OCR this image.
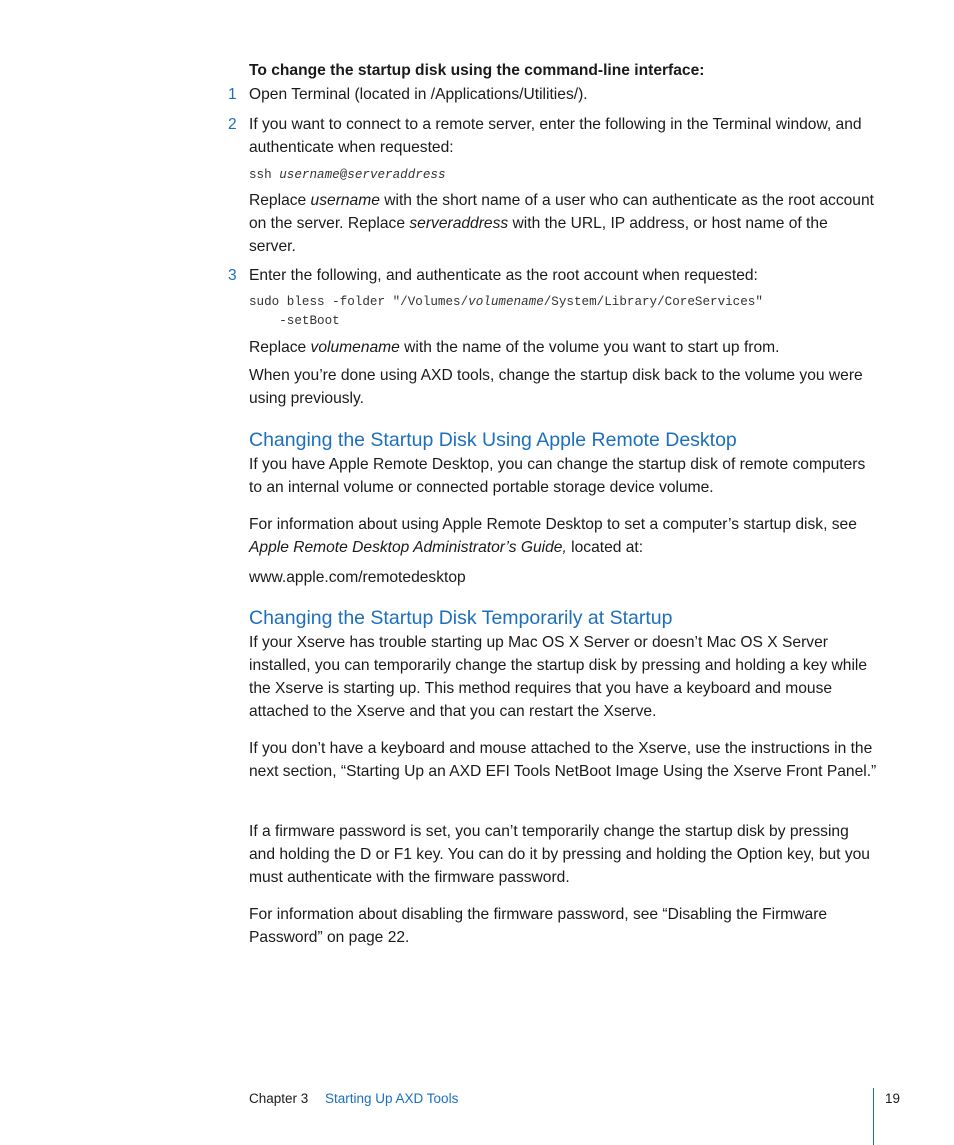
To change the startup disk using the command-line interface:

1 Open Terminal (located in /Applications/Utilities/).

2 If you want to connect to a remote server, enter the following in the Terminal window, and authenticate when requested:

ssh username@serveraddress

Replace username with the short name of a user who can authenticate as the root account on the server. Replace serveraddress with the URL, IP address, or host name of the server.

3 Enter the following, and authenticate as the root account when requested:

sudo bless -folder "/Volumes/volumename/System/Library/CoreServices"
-setBoot

Replace volumename with the name of the volume you want to start up from.

When you’re done using AXD tools, change the startup disk back to the volume you were using previously.

Changing the Startup Disk Using Apple Remote Desktop

If you have Apple Remote Desktop, you can change the startup disk of remote computers to an internal volume or connected portable storage device volume.

For information about using Apple Remote Desktop to set a computer’s startup disk, see Apple Remote Desktop Administrator’s Guide, located at:

www.apple.com/remotedesktop

Changing the Startup Disk Temporarily at Startup

If your Xserve has trouble starting up Mac OS X Server or doesn’t Mac OS X Server installed, you can temporarily change the startup disk by pressing and holding a key while the Xserve is starting up. This method requires that you have a keyboard and mouse attached to the Xserve and that you can restart the Xserve.

If you don’t have a keyboard and mouse attached to the Xserve, use the instructions in the next section, “Starting Up an AXD EFI Tools NetBoot Image Using the Xserve Front Panel.”

If a firmware password is set, you can’t temporarily change the startup disk by pressing and holding the D or F1 key. You can do it by pressing and holding the Option key, but you must authenticate with the firmware password.

For information about disabling the firmware password, see “Disabling the Firmware Password” on page 22.

Chapter 3 Starting Up AXD Tools	19
